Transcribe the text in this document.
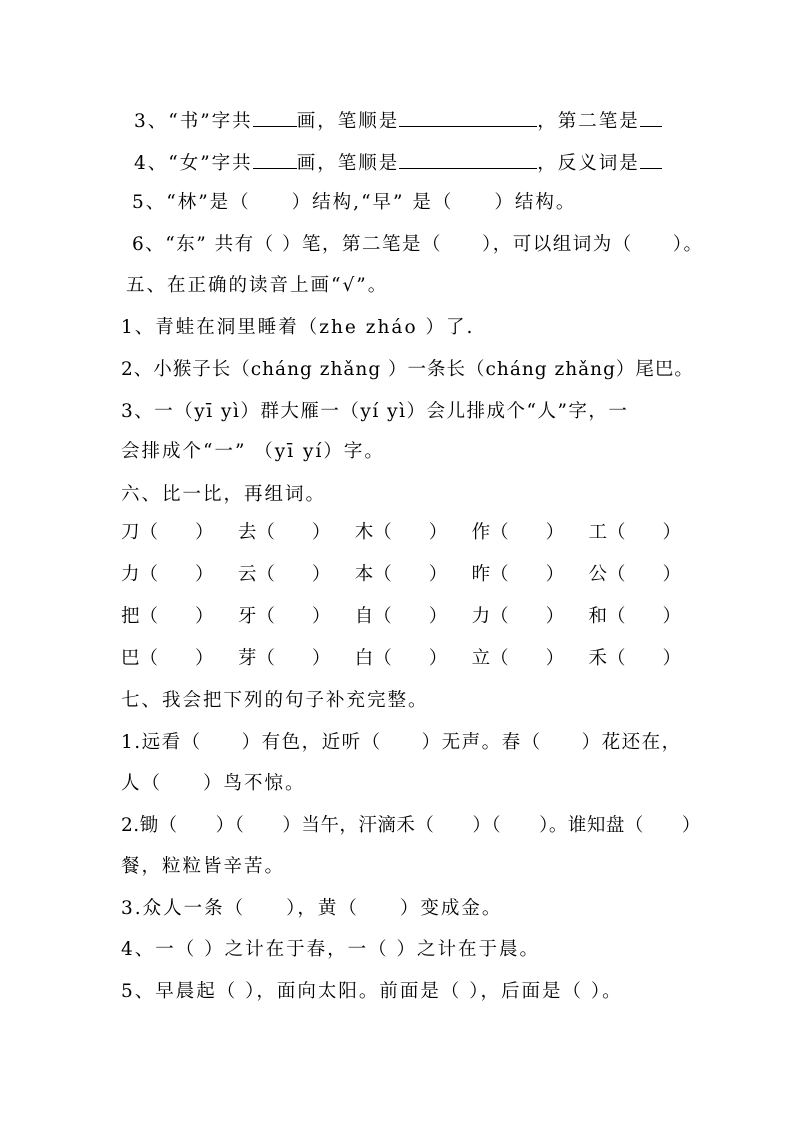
3、“书”字共 画，笔顺是	，第二笔是
4、“女”字共 画，笔顺是	，反义词是
5、“林”是（　　）结构,“早” 是（　　）结构。
6、“东” 共有（ ）笔，第二笔是（　　），可以组词为（　　）。
五、在正确的读音上画“√”。
1、青蛙在洞里睡着（zhe zháo ）了.
2、小猴子长（cháng zhǎng ）一条长（cháng zhǎng）尾巴。
3、一（yī yì）群大雁一（yí yì）会儿排成个“人”字，一
会排成个“一” （yī yí）字。
六、比一比，再组词。
刀（　　） 去（　　） 木（　　） 作（　　） 工（　　）
力（　　） 云（　　） 本（　　） 昨（　　） 公（　　）
把（　　） 牙（　　） 自（　　） 力（　　） 和（　　）
巴（　　） 芽（　　） 白（　　） 立（　　） 禾（　　）
七、我会把下列的句子补充完整。
1.远看（　　）有色，近听（　　）无声。春（　　）花还在，
人（　　）鸟不惊。
2.锄（　　）（　　）当午，汗滴禾（　　）（　　）。谁知盘（　　）
餐，粒粒皆辛苦。
3.众人一条（　　），黄（　　）变成金。
4、一（ ）之计在于春，一（ ）之计在于晨。
5、早晨起（ ），面向太阳。前面是（ ），后面是（ ）。
